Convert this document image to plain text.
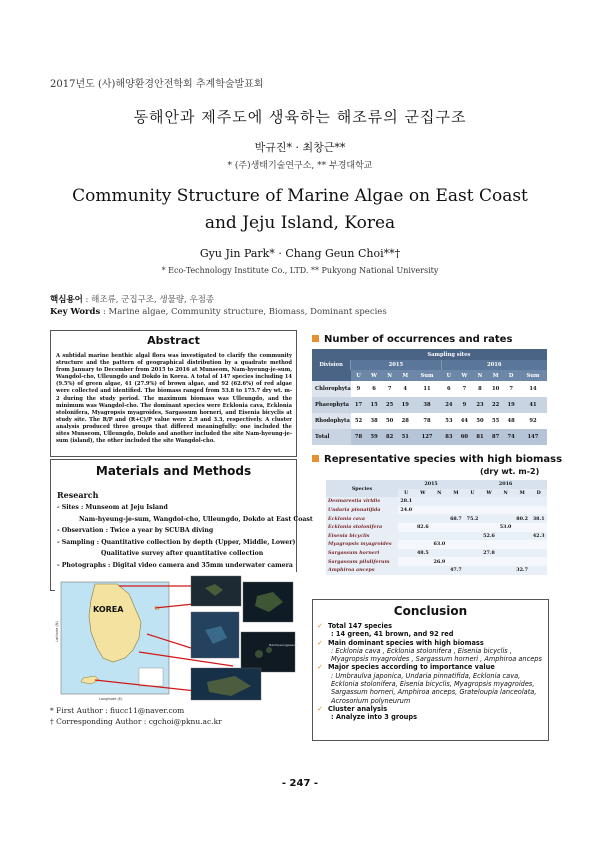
2017년도 (사)해양환경안전학회 추계학술발표회
동해안과 제주도에 생육하는 해조류의 군집구조
박규진* · 최창근**
* (주)생태기술연구소, ** 부경대학교
Community Structure of Marine Algae on East Coast and Jeju Island, Korea
Gyu Jin Park* · Chang Geun Choi**†
* Eco-Technology Institute Co., LTD. ** Pukyong National University
핵심용어 : 해조류, 군집구조, 생물량, 우점종
Key Words : Marine algae, Community structure, Biomass, Dominant species
Abstract
A subtidal marine benthic algal flora was investigated to clarify the community structure and the pattern of geographical distribution by a quadrate method from January to December from 2015 to 2016 at Munseom, Nam-hyeung-je-sum, Wangdol-cho, Ulleungdo and Dokdo in Korea. A total of 147 species including 14 (9.5%) of green algae, 41 (27.9%) of brown algae, and 92 (62.6%) of red algae were collected and identified. The biomass ranged from 53.8 to 175.7 dry wt. m-2 during the study period. The maximum biomass was Ulleungdo, and the minimum was Wangdol-cho. The dominant species were Ecklonia cava, Ecklonia stolonifera, Myagropsis myagroides, Sargassum horneri, and Eisenia bicyclis at study site. The R/P and (R+C)/P value were 2.9 and 3.3, respectively. A cluster analysis produced three groups that differed meaningfully: one included the sites Munseom, Ulleungdo, Dokdo and another included the site Nam-hyeung-je-sum (island), the other included the site Wangdol-cho.
Materials and Methods
Research
- Sites : Munseom at Jeju Island
Nam-hyeung-je-sum, Wangdol-cho, Ulleungdo, Dokdo at East Coast
- Observation : Twice a year by SCUBA diving
- Sampling : Quantitative collection by depth (Upper, Middle, Lower)
Qualitative survey after quantitative collection
- Photographs : Digital video camera and 35mm underwater camera
KOREA
Longitude (E)
Latitude (N)
Namhyeongjeseom
* First Author : fiucc11@naver.com
† Corresponding Author : cgchoi@pknu.ac.kr
Number of occurrences and rates
Division	Sampling sites										
	2015					2016					
	U	W	N	M	Sum	U	W	N	M	D	Sum
Chlorophyta	9	6	7	4	11	6	7	8	10	7	14
Phaeophyta	17	15	25	19	38	24	9	23	22	19	41
Rhodophyta	52	38	50	28	78	53	44	50	55	48	92
Total	78	59	82	51	127	83	60	81	87	74	147
Representative species with high biomass
(dry wt. m-2)
Species	2015				2016				
	U	W	N	M	U	W	N	M	D
Desmarestia viridis	28.1								
Undaria pinnatifida	24.0								
Ecklonia cava				68.7	75.2			80.2	38.1
Ecklonia stolonifera		82.6					53.0		
Eisenia bicyclis						52.6			42.3
Myagropsis myagroides			63.0						
Sargassum horneri		48.5				27.8			
Sargassum piluliferum			26.9						
Amphiroa anceps				47.7				32.7	
Conclusion
✓ Total 147 species
: 14 green, 41 brown, and 92 red
✓ Main dominant species with high biomass
: Ecklonia cava , Ecklonia stolonifera , Eisenia bicyclis , Myagropsis myagroides , Sargassum horneri , Amphiroa anceps
✓ Major species according to importance value
: Umbraulva japonica, Undaria pinnatifida, Ecklonia cava, Ecklonia stolonifera, Eisenia bicyclis, Myagropsis myagroides, Sargassum horneri, Amphiroa anceps, Grateloupia lanceolata, Acrosorium polyneurum
✓ Cluster analysis
: Analyze into 3 groups
- 247 -
